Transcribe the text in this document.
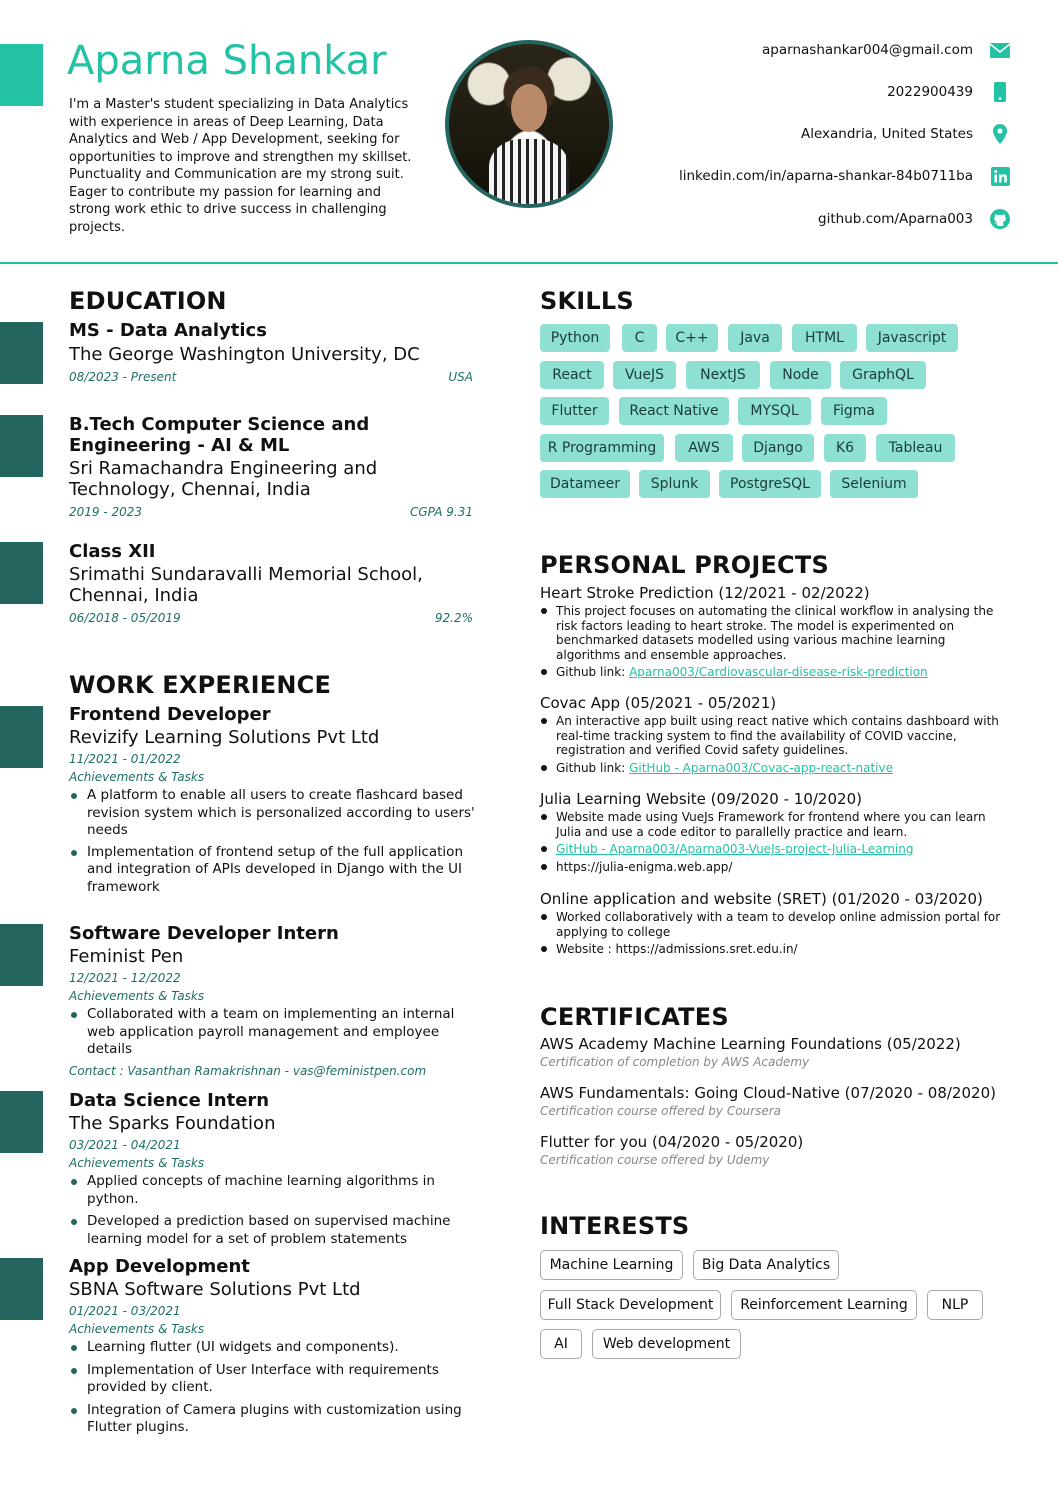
Aparna Shankar
I'm a Master's student specializing in Data Analytics with experience in areas of Deep Learning, Data Analytics and Web / App Development, seeking for opportunities to improve and strengthen my skillset. Punctuality and Communication are my strong suit. Eager to contribute my passion for learning and strong work ethic to drive success in challenging projects.
aparnashankar004@gmail.com
2022900439
Alexandria, United States
linkedin.com/in/aparna-shankar-84b0711ba
github.com/Aparna003
EDUCATION
MS - Data Analytics
The George Washington University, DC
08/2023 - Present	USA
B.Tech Computer Science and Engineering - AI & ML
Sri Ramachandra Engineering and Technology, Chennai, India
2019 - 2023	CGPA 9.31
Class XII
Srimathi Sundaravalli Memorial School, Chennai, India
06/2018 - 05/2019	92.2%
WORK EXPERIENCE
Frontend Developer
Revizify Learning Solutions Pvt Ltd
11/2021 - 01/2022
Achievements & Tasks
A platform to enable all users to create flashcard based revision system which is personalized according to users' needs
Implementation of frontend setup of the full application and integration of APIs developed in Django with the UI framework
Software Developer Intern
Feminist Pen
12/2021 - 12/2022
Achievements & Tasks
Collaborated with a team on implementing an internal web application payroll management and employee details
Contact : Vasanthan Ramakrishnan - vas@feministpen.com
Data Science Intern
The Sparks Foundation
03/2021 - 04/2021
Achievements & Tasks
Applied concepts of machine learning algorithms in python.
Developed a prediction based on supervised machine learning model for a set of problem statements
App Development
SBNA Software Solutions Pvt Ltd
01/2021 - 03/2021
Achievements & Tasks
Learning flutter (UI widgets and components).
Implementation of User Interface with requirements provided by client.
Integration of Camera plugins with customization using Flutter plugins.
SKILLS
Python	C	C++	Java	HTML	Javascript
React	VueJS	NextJS	Node	GraphQL
Flutter	React Native	MYSQL	Figma
R Programming	AWS	Django	K6	Tableau
Datameer	Splunk	PostgreSQL	Selenium
PERSONAL PROJECTS
Heart Stroke Prediction (12/2021 - 02/2022)
This project focuses on automating the clinical workflow in analysing the risk factors leading to heart stroke. The model is experimented on benchmarked datasets modelled using various machine learning algorithms and ensemble approaches.
Github link: Aparna003/Cardiovascular-disease-risk-prediction
Covac App (05/2021 - 05/2021)
An interactive app built using react native which contains dashboard with real-time tracking system to find the availability of COVID vaccine, registration and verified Covid safety guidelines.
Github link: GitHub - Aparna003/Covac-app-react-native
Julia Learning Website (09/2020 - 10/2020)
Website made using VueJs Framework for frontend where you can learn Julia and use a code editor to parallelly practice and learn.
GitHub - Aparna003/Aparna003-VueJs-project-Julia-Learning
https://julia-enigma.web.app/
Online application and website (SRET) (01/2020 - 03/2020)
Worked collaboratively with a team to develop online admission portal for applying to college
Website : https://admissions.sret.edu.in/
CERTIFICATES
AWS Academy Machine Learning Foundations (05/2022)
Certification of completion by AWS Academy
AWS Fundamentals: Going Cloud-Native (07/2020 - 08/2020)
Certification course offered by Coursera
Flutter for you (04/2020 - 05/2020)
Certification course offered by Udemy
INTERESTS
Machine Learning	Big Data Analytics
Full Stack Development	Reinforcement Learning	NLP
AI	Web development
